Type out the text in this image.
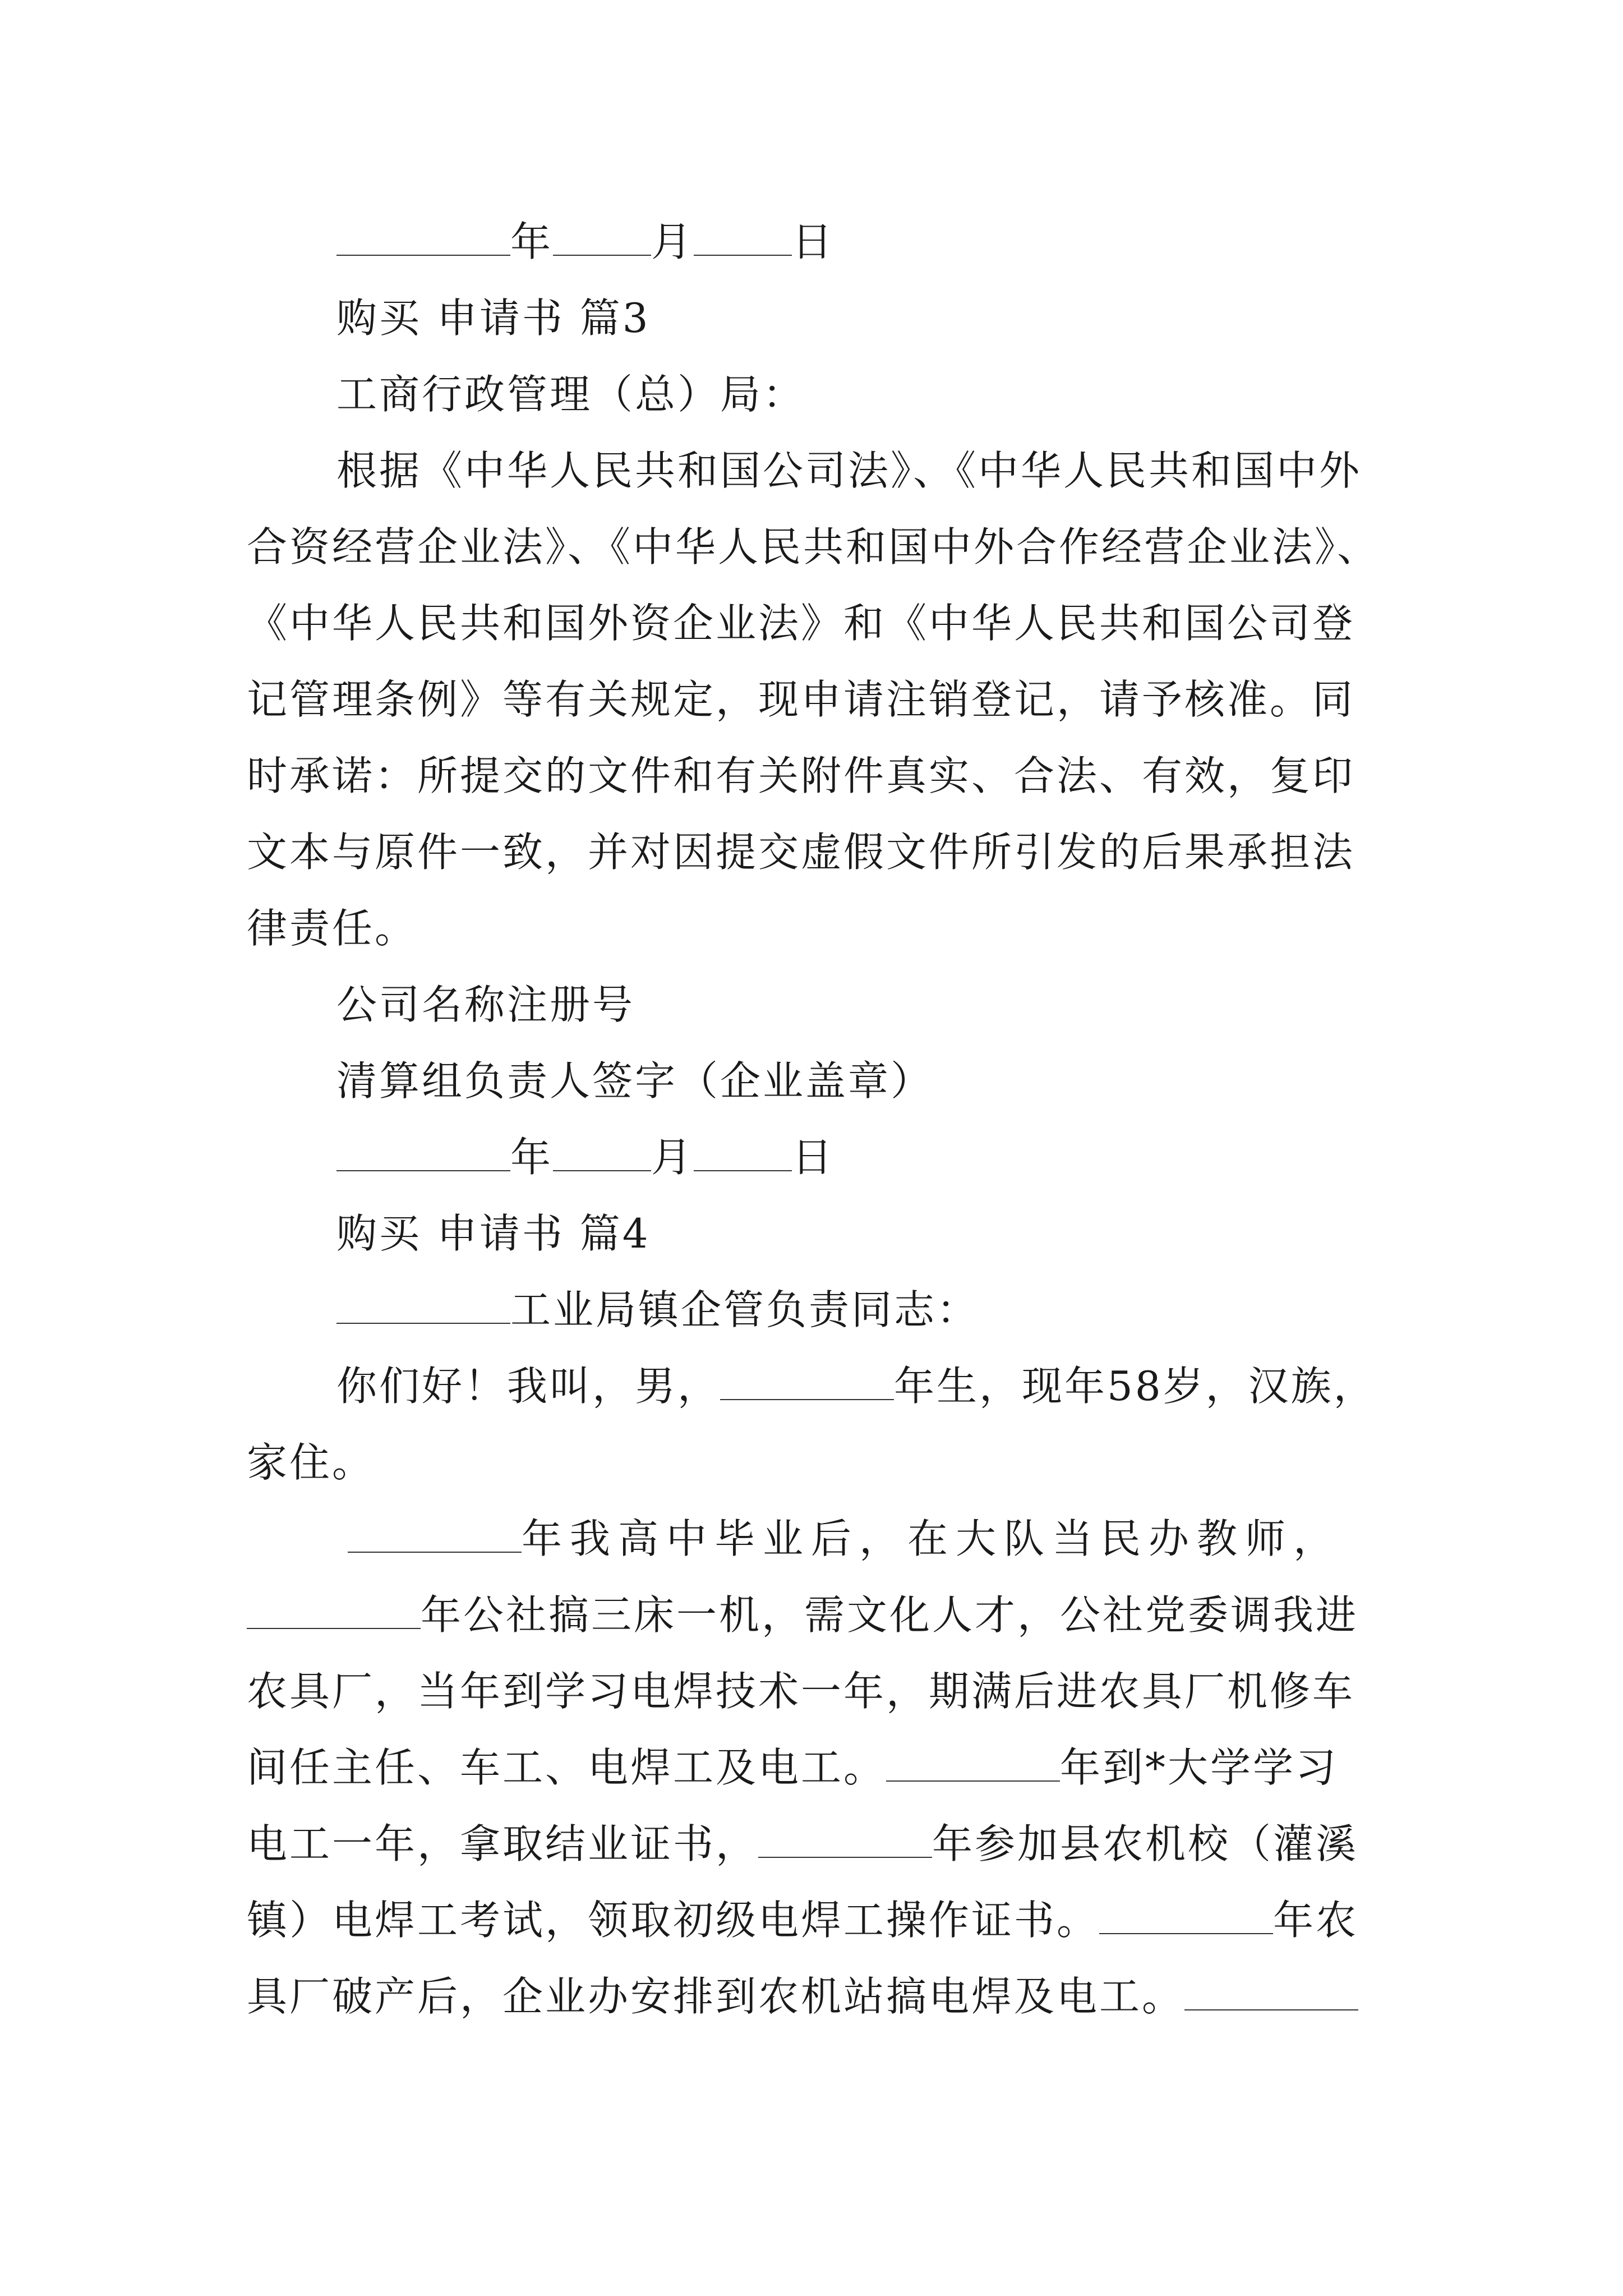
年 月 日
购买 申请书 篇3
工商行政管理（总）局：
根据《中华人民共和国公司法》、《中华人民共和国中外
合资经营企业法》、《中华人民共和国中外合作经营企业法》、
《中华人民共和国外资企业法》和《中华人民共和国公司登
记管理条例》等有关规定，现申请注销登记，请予核准。同
时承诺：所提交的文件和有关附件真实、合法、有效，复印
文本与原件一致，并对因提交虚假文件所引发的后果承担法
律责任。
公司名称注册号
清算组负责人签字（企业盖章）
年 月 日
购买 申请书 篇4
工业局镇企管负责同志：
你们好！我叫，男，	年生，现年58岁，汉族，
家住。
年我高中毕业后，在大队当民办教师，
年公社搞三床一机，需文化人才，公社党委调我进
农具厂，当年到学习电焊技术一年，期满后进农具厂机修车
间任主任、车工、电焊工及电工。	年到*大学学习
电工一年，拿取结业证书，	年参加县农机校（灌溪
镇）电焊工考试，领取初级电焊工操作证书。	年农
具厂破产后，企业办安排到农机站搞电焊及电工。
